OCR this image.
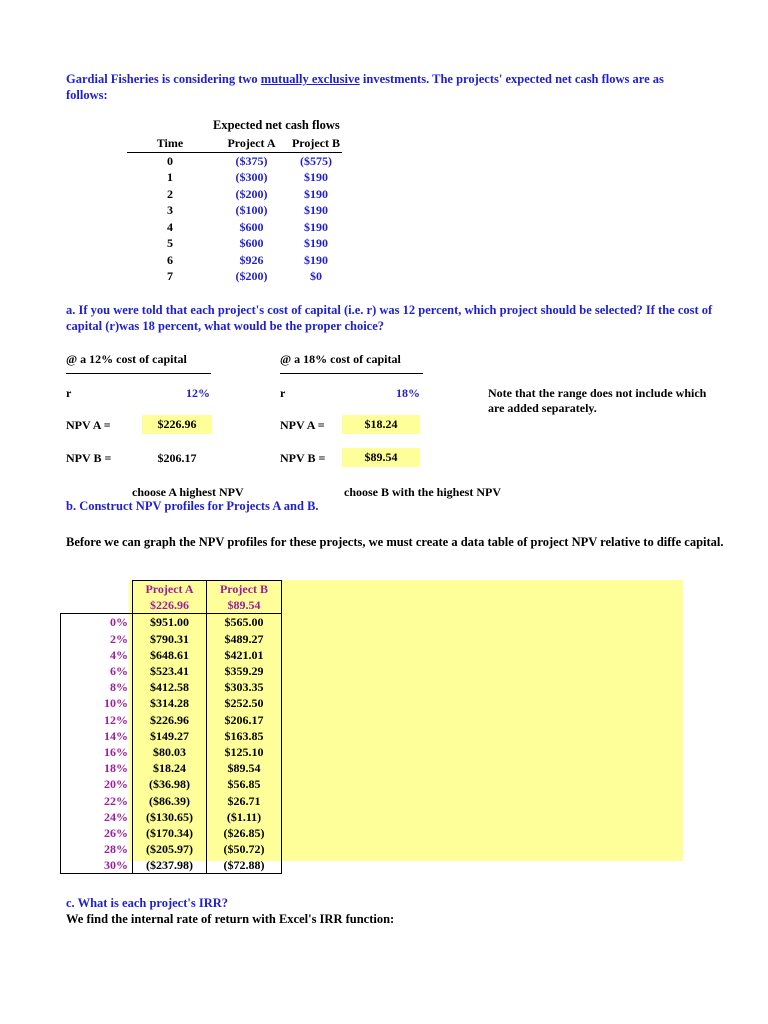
Gardial Fisheries is considering two mutually exclusive investments. The projects' expected net cash flows are as follows:
Expected net cash flows
Time	Project A	Project B
0	($375)	($575)
1	($300)	$190
2	($200)	$190
3	($100)	$190
4	$600	$190
5	$600	$190
6	$926	$190
7	($200)	$0
a. If you were told that each project's cost of capital (i.e. r) was 12 percent, which project should be selected? If the cost of capital (r)was 18 percent, what would be the proper choice?
@ a 12% cost of capital
r	12%
NPV A =	$226.96
NPV B =	$206.17
choose A highest NPV
@ a 18% cost of capital
r	18%
NPV A =	$18.24
NPV B =	$89.54
choose B with the highest NPV
Note that the range does not include which are added separately.
b. Construct NPV profiles for Projects A and B.
Before we can graph the NPV profiles for these projects, we must create a data table of project NPV relative to diffe capital.
	Project A	Project B
	$226.96	$89.54
0%	$951.00	$565.00
2%	$790.31	$489.27
4%	$648.61	$421.01
6%	$523.41	$359.29
8%	$412.58	$303.35
10%	$314.28	$252.50
12%	$226.96	$206.17
14%	$149.27	$163.85
16%	$80.03	$125.10
18%	$18.24	$89.54
20%	($36.98)	$56.85
22%	($86.39)	$26.71
24%	($130.65)	($1.11)
26%	($170.34)	($26.85)
28%	($205.97)	($50.72)
30%	($237.98)	($72.88)
c. What is each project's IRR?
We find the internal rate of return with Excel's IRR function:
